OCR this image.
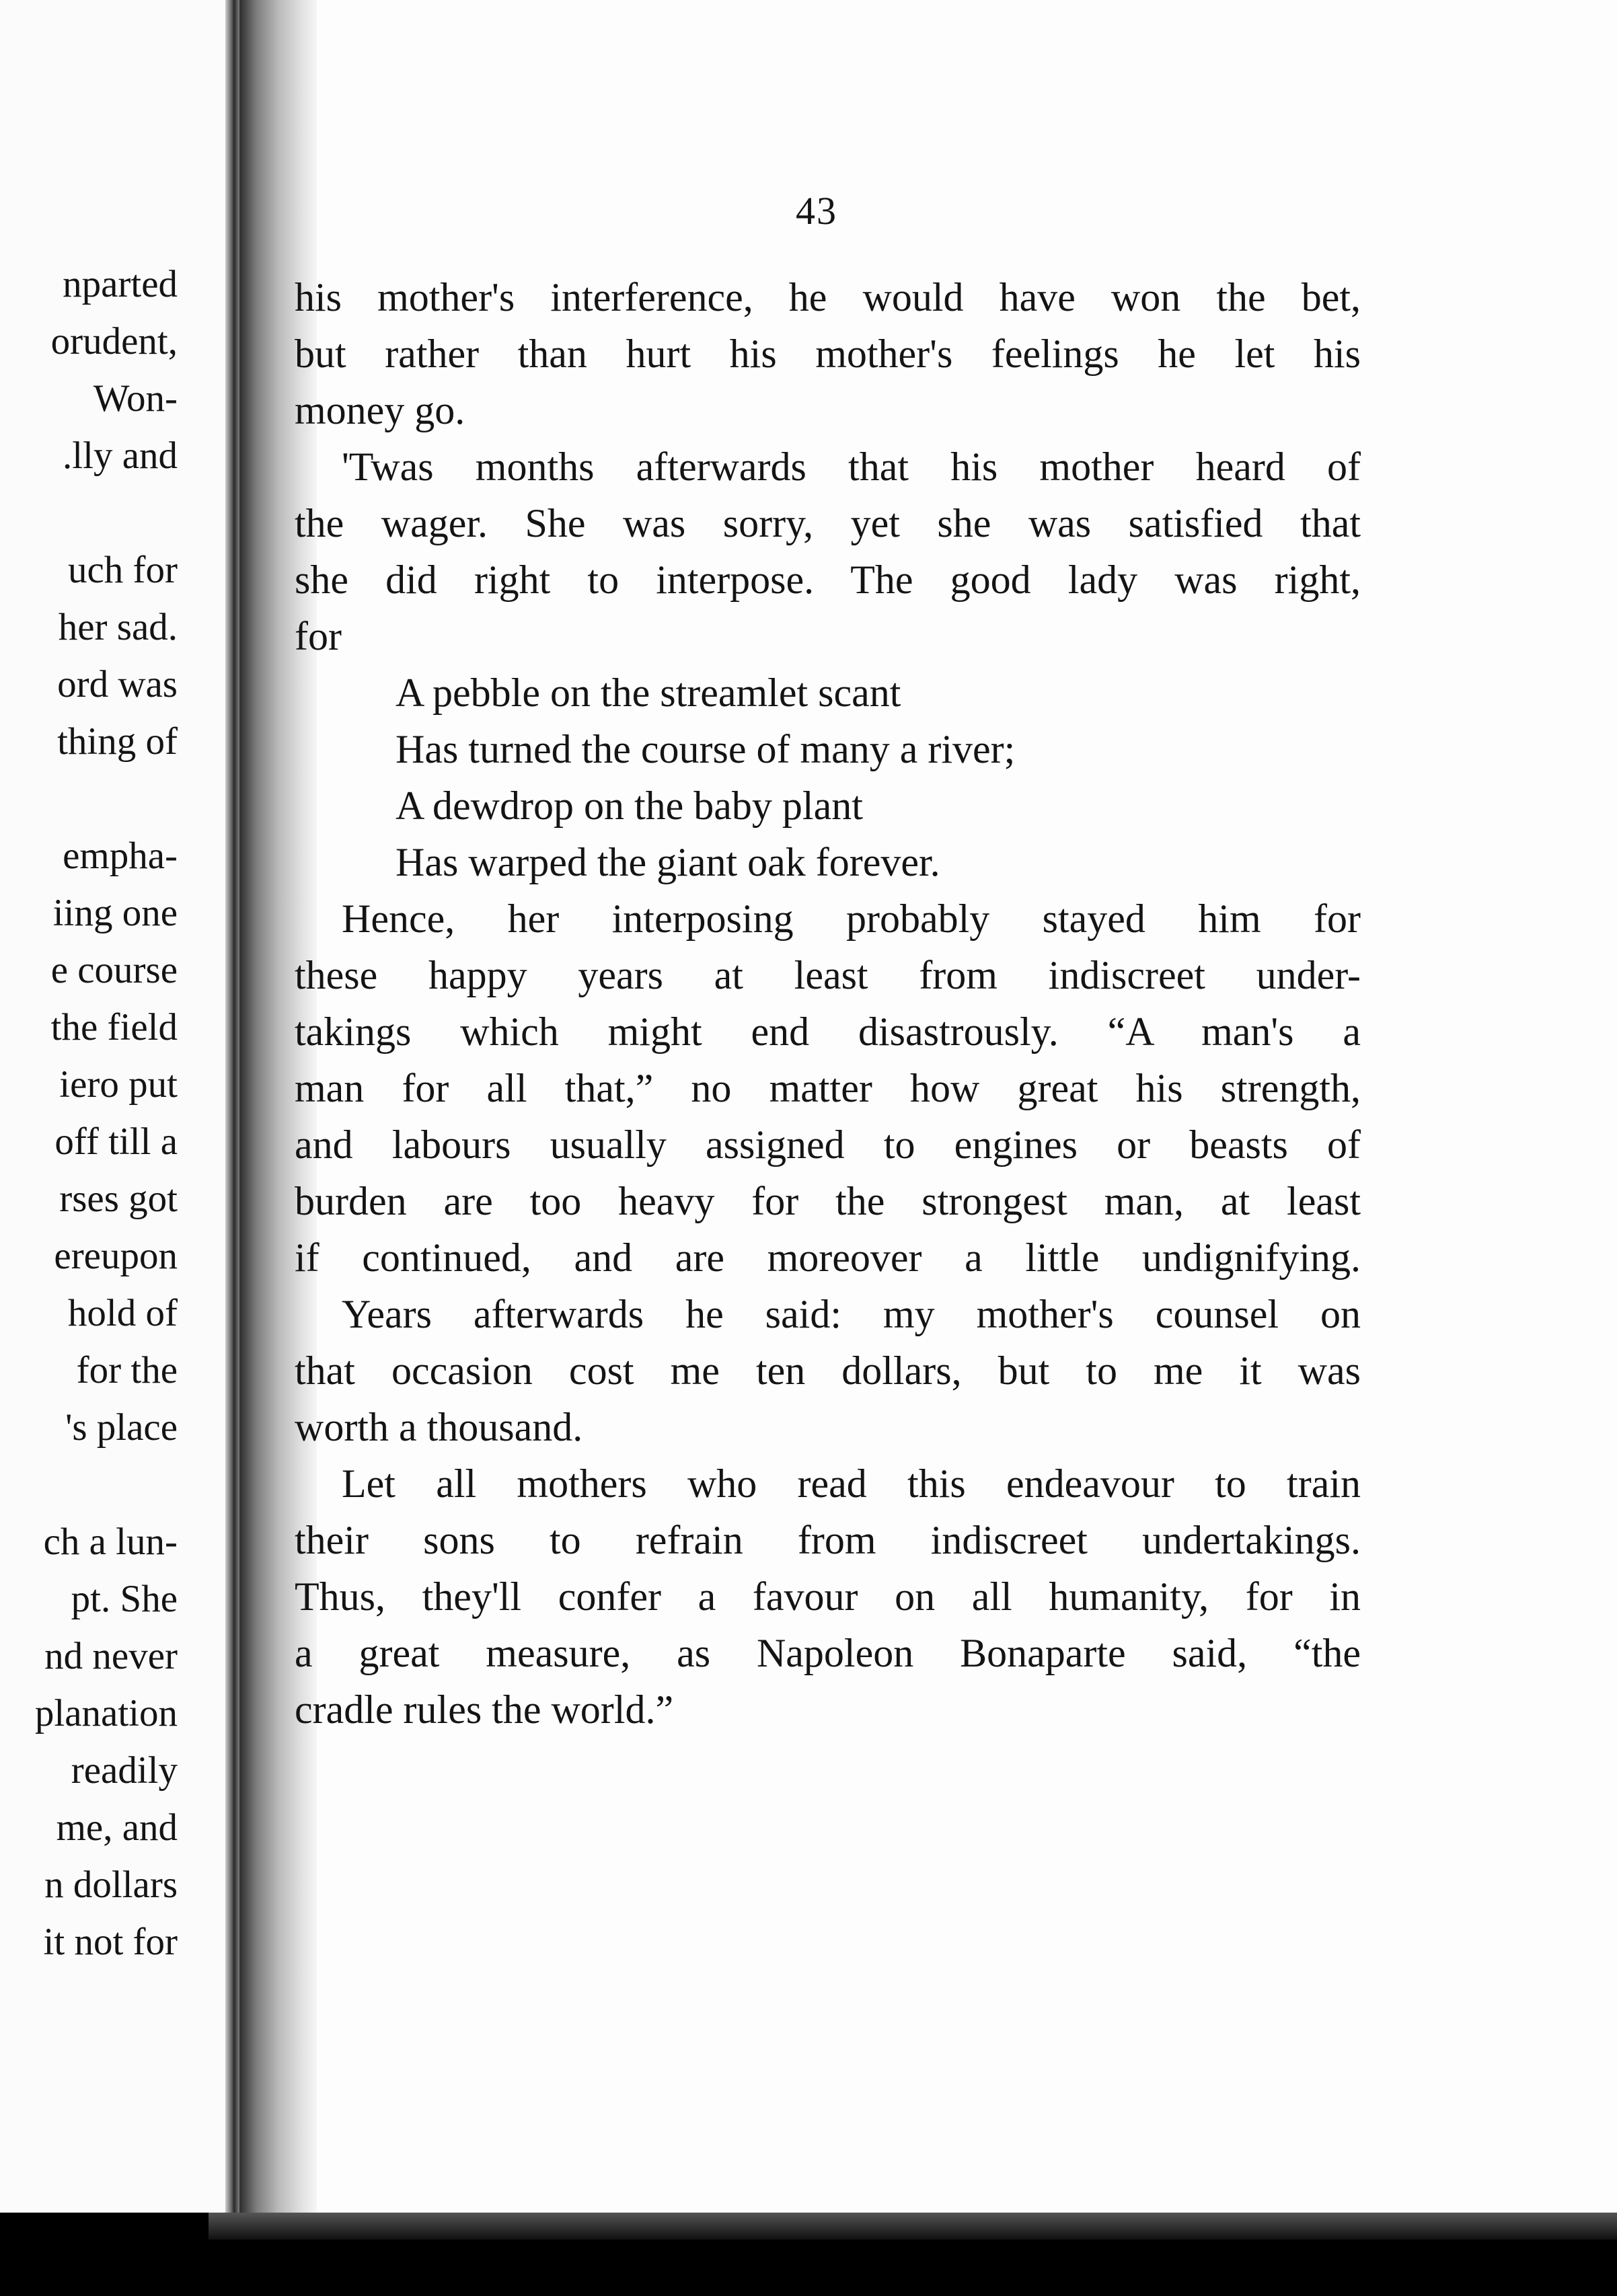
nparted
orudent,
Won-
.lly and
uch for
her sad.
ord was
thing of
empha-
iing one
e course
the field
iero put
off till a
rses got
ereupon
hold of
for the
's place
ch a lun-
pt. She
nd never
planation
readily
me, and
n dollars
it not for
43
his mother's interference, he would have won the bet,
but rather than hurt his mother's feelings he let his
money go.
'Twas months afterwards that his mother heard of
the wager. She was sorry, yet she was satisfied that
she did right to interpose. The good lady was right,
for
A pebble on the streamlet scant
Has turned the course of many a river;
A dewdrop on the baby plant
Has warped the giant oak forever.
Hence, her interposing probably stayed him for
these happy years at least from indiscreet under-
takings which might end disastrously. “A man's a
man for all that,” no matter how great his strength,
and labours usually assigned to engines or beasts of
burden are too heavy for the strongest man, at least
if continued, and are moreover a little undignifying.
Years afterwards he said: my mother's counsel on
that occasion cost me ten dollars, but to me it was
worth a thousand.
Let all mothers who read this endeavour to train
their sons to refrain from indiscreet undertakings.
Thus, they'll confer a favour on all humanity, for in
a great measure, as Napoleon Bonaparte said, “the
cradle rules the world.”
